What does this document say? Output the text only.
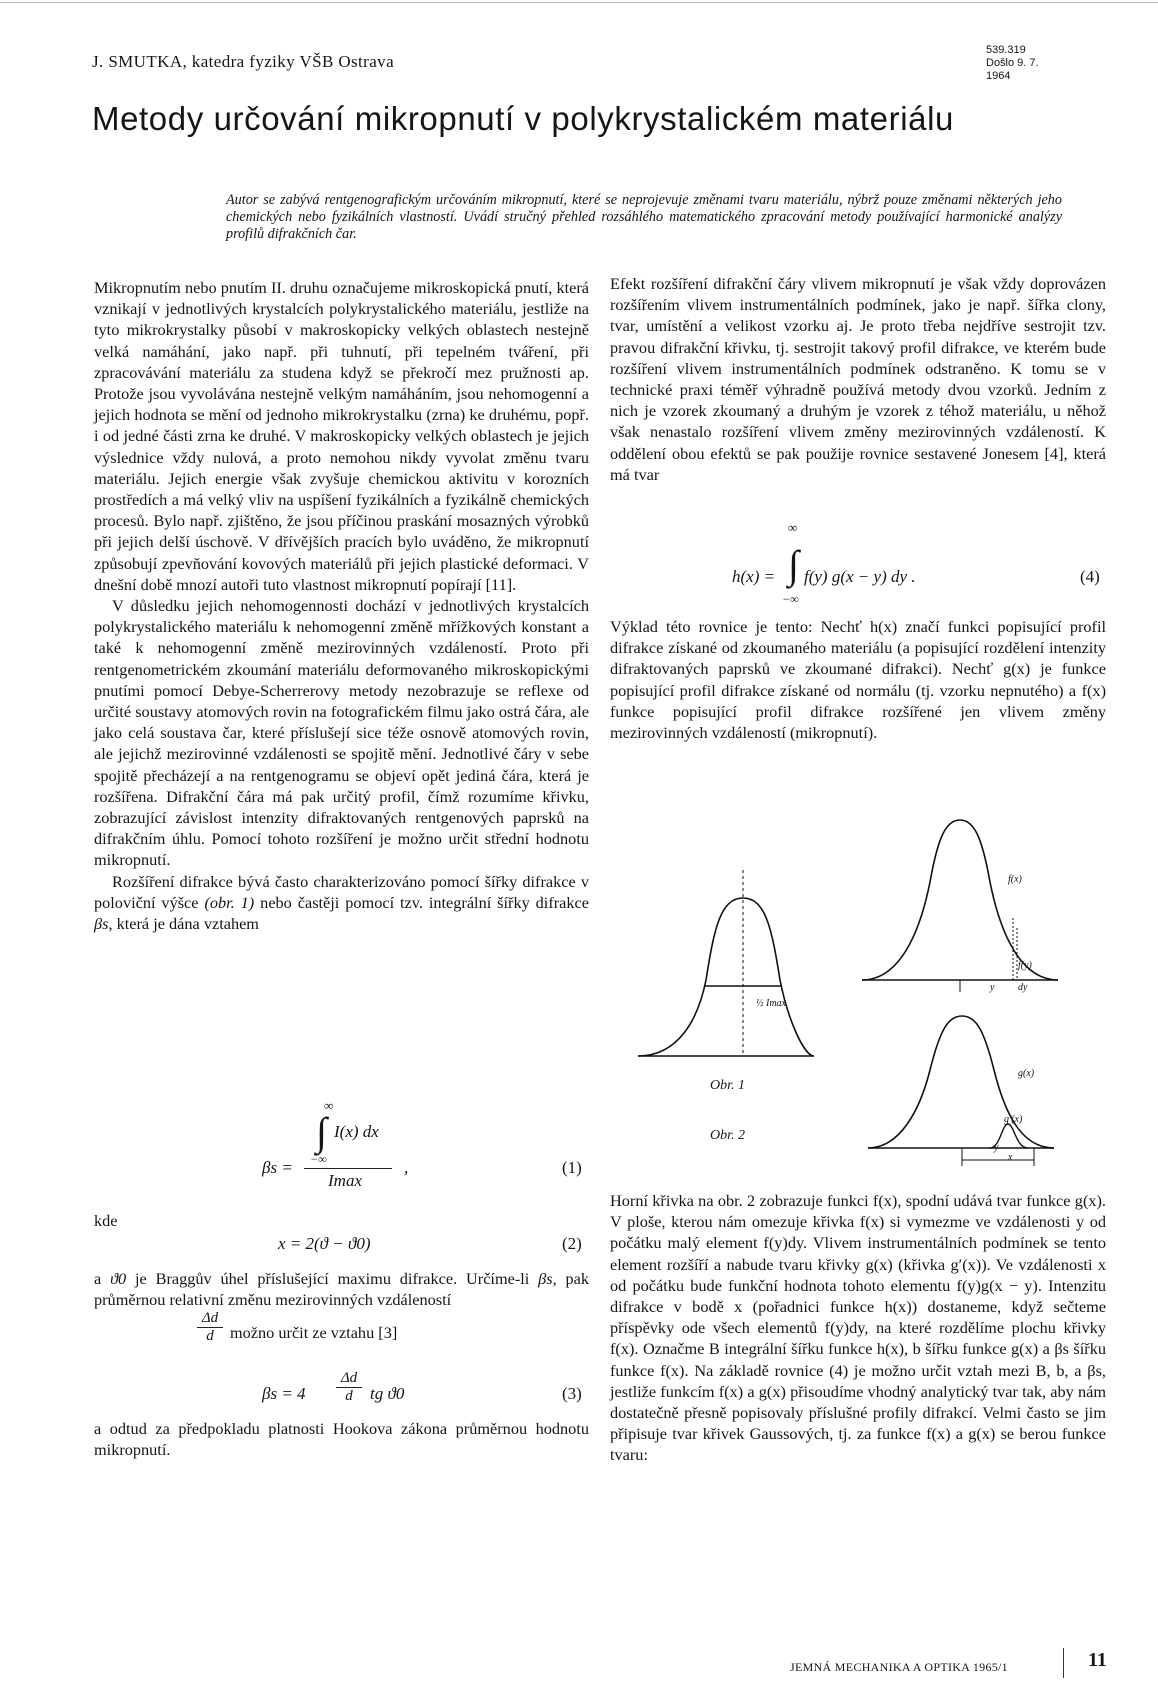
J. SMUTKA, katedra fyziky VŠB Ostrava
539.319
Došlo 9. 7. 1964
Metody určování mikropnutí v polykrystalickém materiálu
Autor se zabývá rentgenografickým určováním mikropnutí, které se neprojevuje změnami tvaru materiálu, nýbrž pouze změnami některých jeho chemických nebo fyzikálních vlastností. Uvádí stručný přehled rozsáhlého matematického zpracování metody používající harmonické analýzy profilů difrakčních čar.

Mikropnutím nebo pnutím II. druhu označujeme mikroskopická pnutí, která vznikají v jednotlivých krystalcích polykrystalického materiálu, jestliže na tyto mikrokrystalky působí v makroskopicky velkých oblastech nestejně velká namáhání, jako např. při tuhnutí, při tepelném tváření, při zpracovávání materiálu za studena když se překročí mez pružnosti ap. Protože jsou vyvolávána nestejně velkým namáháním, jsou nehomogenní a jejich hodnota se mění od jednoho mikrokrystalku (zrna) ke druhému, popř. i od jedné části zrna ke druhé. V makroskopicky velkých oblastech je jejich výslednice vždy nulová, a proto nemohou nikdy vyvolat změnu tvaru materiálu. Jejich energie však zvyšuje chemickou aktivitu v korozních prostředích a má velký vliv na uspíšení fyzikálních a fyzikálně chemických procesů. Bylo např. zjištěno, že jsou příčinou praskání mosazných výrobků při jejich delší úschově. V dřívějších pracích bylo uváděno, že mikropnutí způsobují zpevňování kovových materiálů při jejich plastické deformaci. V dnešní době mnozí autoři tuto vlastnost mikropnutí popírají [11].

V důsledku jejich nehomogennosti dochází v jednotlivých krystalcích polykrystalického materiálu k nehomogenní změně mřížkových konstant a také k nehomogenní změně mezirovinných vzdáleností. Proto při rentgenometrickém zkoumání materiálu deformovaného mikroskopickými pnutími pomocí Debye-Scherrerovy metody nezobrazuje se reflexe od určité soustavy atomových rovin na fotografickém filmu jako ostrá čára, ale jako celá soustava čar, které příslušejí sice téže osnově atomových rovin, ale jejichž mezirovinné vzdálenosti se spojitě mění. Jednotlivé čáry v sebe spojitě přecházejí a na rentgenogramu se objeví opět jediná čára, která je rozšířena. Difrakční čára má pak určitý profil, čímž rozumíme křivku, zobrazující závislost intenzity difraktovaných rentgenových paprsků na difrakčním úhlu. Pomocí tohoto rozšíření je možno určit střední hodnotu mikropnutí.

Rozšíření difrakce bývá často charakterizováno pomocí šířky difrakce v poloviční výšce (obr. 1) nebo častěji pomocí tzv. integrální šířky difrakce βs, která je dána vztahem

∞
∫ I(x) dx
−∞
βs =
Imax
,	(1)
kde
x = 2(ϑ − ϑ0)	(2)
a ϑ0 je Braggův úhel příslušející maximu difrakce. Určíme-li βs, pak průměrnou relativní změnu mezirovinných vzdáleností
$\frac{\Delta d}{d}$ možno určit ze vztahu [3]
$\beta s = 4 \frac{\Delta d}{d}$ tg ϑ0	(3)
a odtud za předpokladu platnosti Hookova zákona průměrnou hodnotu mikropnutí.
Efekt rozšíření difrakční čáry vlivem mikropnutí je však vždy doprovázen rozšířením vlivem instrumentálních podmínek, jako je např. šířka clony, tvar, umístění a velikost vzorku aj. Je proto třeba nejdříve sestrojit tzv. pravou difrakční křivku, tj. sestrojit takový profil difrakce, ve kterém bude rozšíření vlivem instrumentálních podmínek odstraněno. K tomu se v technické praxi téměř výhradně používá metody dvou vzorků. Jedním z nich je vzorek zkoumaný a druhým je vzorek z téhož materiálu, u něhož však nenastalo rozšíření vlivem změny mezirovinných vzdáleností. K oddělení obou efektů se pak použije rovnice sestavené Jonesem [4], která má tvar
∞
h(x) = ∫ f(y) g(x − y) dy .
−∞
(4)
Výklad této rovnice je tento: Nechť h(x) značí funkci popisující profil difrakce získané od zkoumaného materiálu (a popisující rozdělení intenzity difraktovaných paprsků ve zkoumané difrakci). Nechť g(x) je funkce popisující profil difrakce získané od normálu (tj. vzorku nepnutého) a f(x) funkce popisující profil difrakce rozšířené jen vlivem změny mezirovinných vzdáleností (mikropnutí).
½ Imax
f(x)
f(y)
y dy
g(x)
g′(x)
y
x
Obr. 1
Obr. 2
Horní křivka na obr. 2 zobrazuje funkci f(x), spodní udává tvar funkce g(x). V ploše, kterou nám omezuje křivka f(x) si vymezme ve vzdálenosti y od počátku malý element f(y)dy. Vlivem instrumentálních podmínek se tento element rozšíří a nabude tvaru křivky g(x) (křivka g′(x)). Ve vzdálenosti x od počátku bude funkční hodnota tohoto elementu f(y)g(x − y). Intenzitu difrakce v bodě x (pořadnici funkce h(x)) dostaneme, když sečteme příspěvky ode všech elementů f(y)dy, na které rozdělíme plochu křivky f(x). Označme B integrální šířku funkce h(x), b šířku funkce g(x) a βs šířku funkce f(x). Na základě rovnice (4) je možno určit vztah mezi B, b, a βs, jestliže funkcím f(x) a g(x) přisoudíme vhodný analytický tvar tak, aby nám dostatečně přesně popisovaly příslušné profily difrakcí. Velmi často se jim připisuje tvar křivek Gaussových, tj. za funkce f(x) a g(x) se berou funkce tvaru:
JEMNÁ MECHANIKA A OPTIKA 1965/1	11
